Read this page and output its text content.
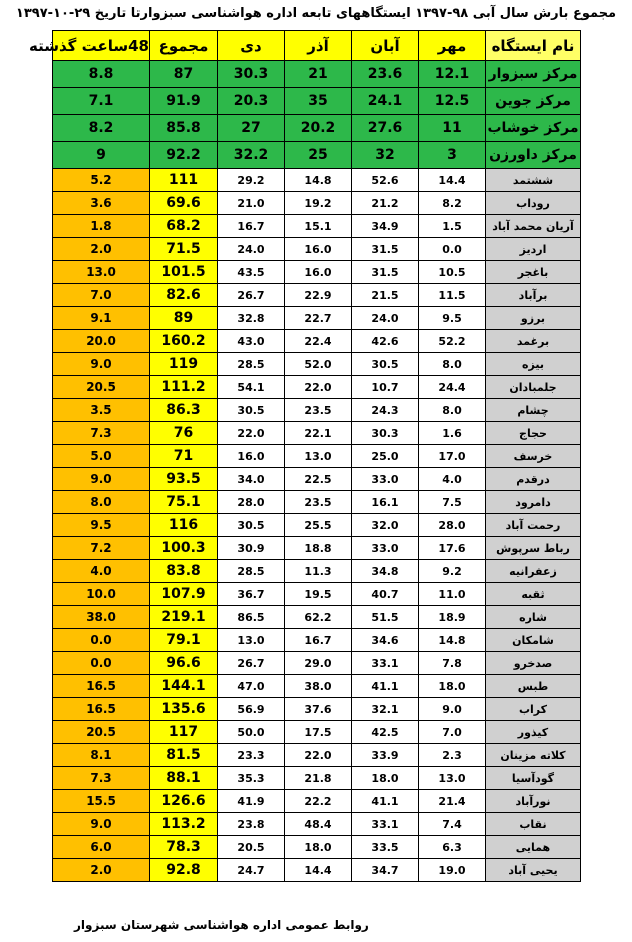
مجموع بارش سال آبی ۹۸-۱۳۹۷ ایستگاههای تابعه اداره هواشناسی سبزوارتا تاریخ ۲۹-۱۰-۱۳۹۷
نام ایستگاه	مهر	آبان	آذر	دی	مجموع	48ساعت گذشته
مرکز سبزوار	12.1	23.6	21	30.3	87	8.8
مرکز جوین	12.5	24.1	35	20.3	91.9	7.1
مرکز خوشاب	11	27.6	20.2	27	85.8	8.2
مرکز داورزن	3	32	25	32.2	92.2	9
ششتمد	14.4	52.6	14.8	29.2	111	5.2
روداب	8.2	21.2	19.2	21.0	69.6	3.6
آریان محمد آباد	1.5	34.9	15.1	16.7	68.2	1.8
اردیز	0.0	31.5	16.0	24.0	71.5	2.0
باغجر	10.5	31.5	16.0	43.5	101.5	13.0
برآباد	11.5	21.5	22.9	26.7	82.6	7.0
برزو	9.5	24.0	22.7	32.8	89	9.1
برغمد	52.2	42.6	22.4	43.0	160.2	20.0
بیزه	8.0	30.5	52.0	28.5	119	9.0
جلمبادان	24.4	10.7	22.0	54.1	111.2	20.5
چشام	8.0	24.3	23.5	30.5	86.3	3.5
حجاج	1.6	30.3	22.1	22.0	76	7.3
خرسف	17.0	25.0	13.0	16.0	71	5.0
درقدم	4.0	33.0	22.5	34.0	93.5	9.0
دامرود	7.5	16.1	23.5	28.0	75.1	8.0
رحمت آباد	28.0	32.0	25.5	30.5	116	9.5
رباط سرپوش	17.6	33.0	18.8	30.9	100.3	7.2
زعفرانیه	9.2	34.8	11.3	28.5	83.8	4.0
ثقبه	11.0	40.7	19.5	36.7	107.9	10.0
شاره	18.9	51.5	62.2	86.5	219.1	38.0
شامکان	14.8	34.6	16.7	13.0	79.1	0.0
صدخرو	7.8	33.1	29.0	26.7	96.6	0.0
طبس	18.0	41.1	38.0	47.0	144.1	16.5
کراب	9.0	32.1	37.6	56.9	135.6	16.5
کیذور	7.0	42.5	17.5	50.0	117	20.5
کلاته مزینان	2.3	33.9	22.0	23.3	81.5	8.1
گودآسیا	13.0	18.0	21.8	35.3	88.1	7.3
نورآباد	21.4	41.1	22.2	41.9	126.6	15.5
نقاب	7.4	33.1	48.4	23.8	113.2	9.0
همایی	6.3	33.5	18.0	20.5	78.3	6.0
یحیی آباد	19.0	34.7	14.4	24.7	92.8	2.0
روابط عمومی اداره هواشناسی شهرستان سبزوار
